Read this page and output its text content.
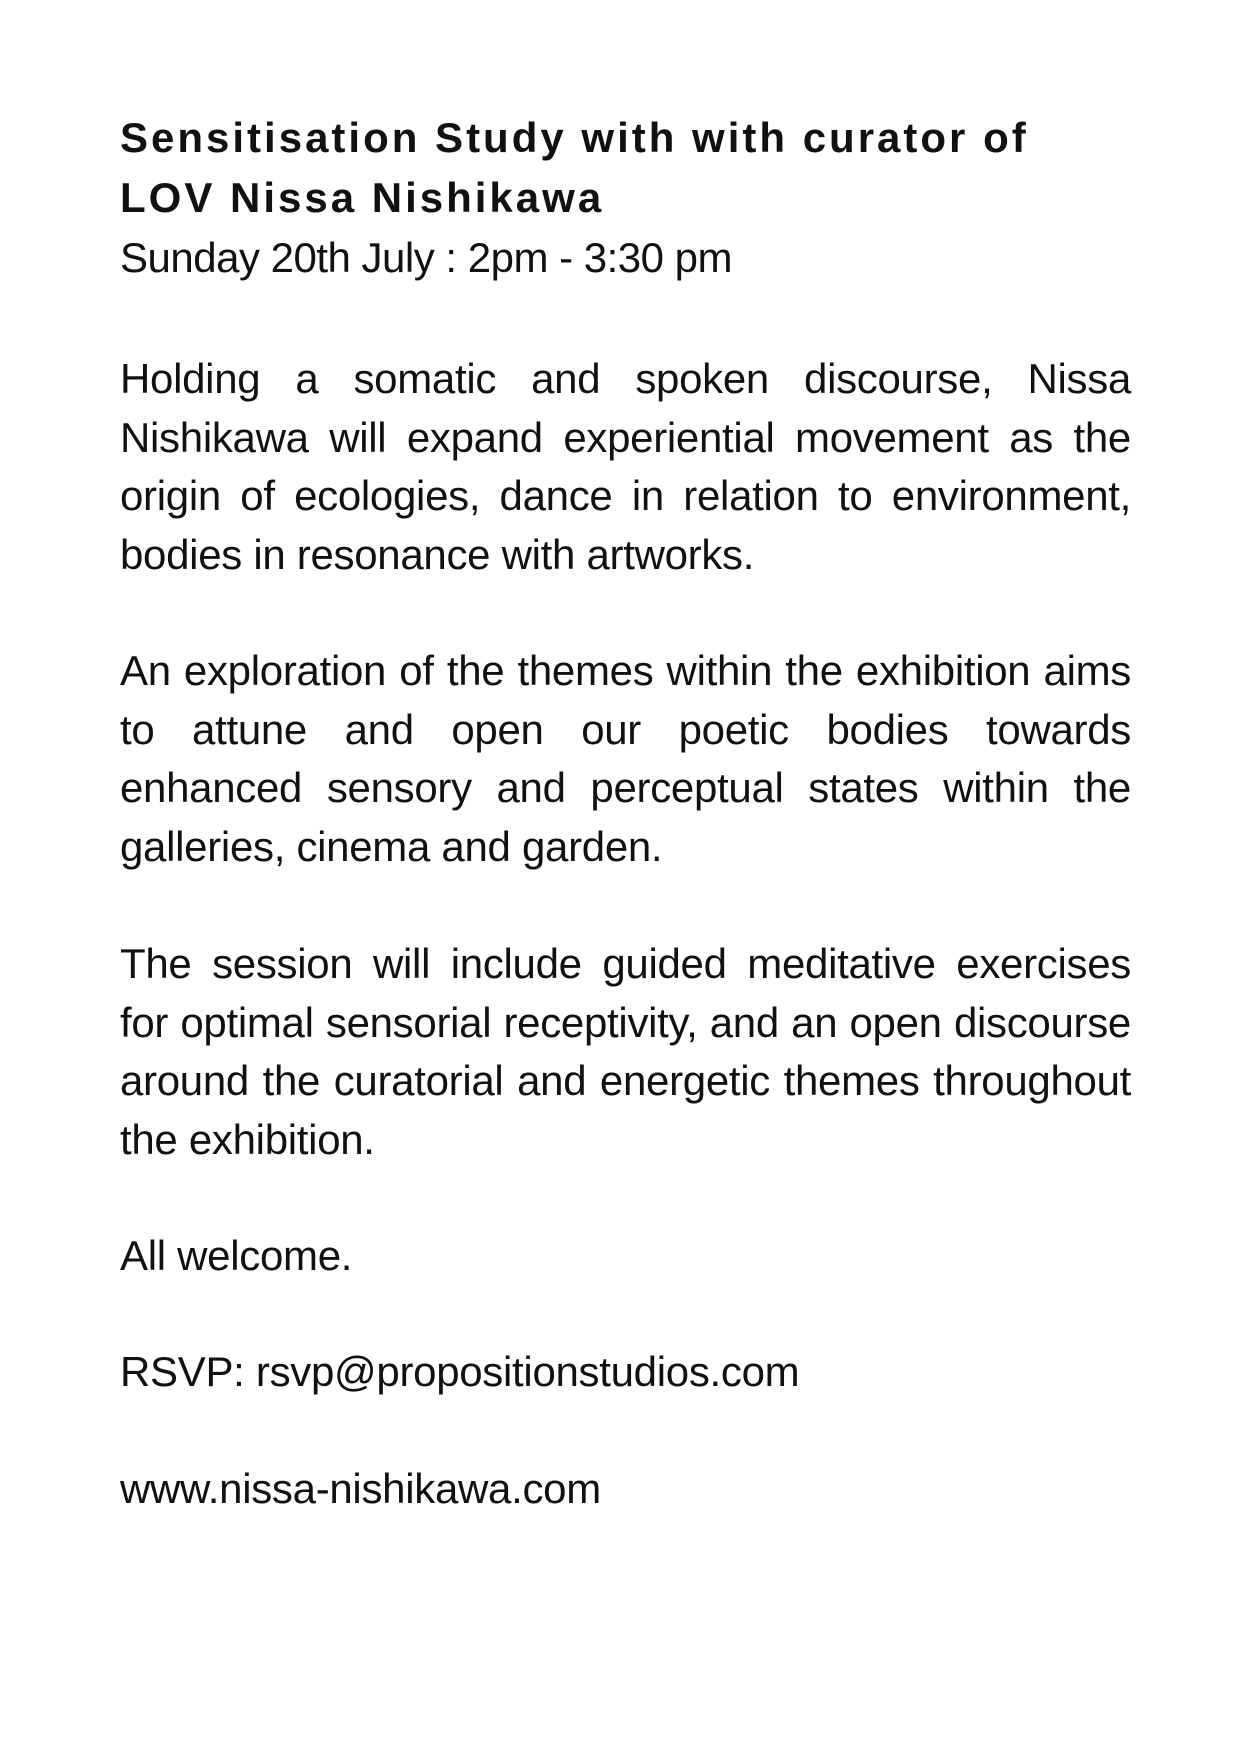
Sensitisation Study with with curator of LOV Nissa Nishikawa

Sunday 20th July : 2pm - 3:30 pm

Holding a somatic and spoken discourse, Nissa Nishikawa will expand experiential movement as the origin of ecologies, dance in relation to environment, bodies in resonance with artworks.

An exploration of the themes within the exhibition aims to attune and open our poetic bodies towards enhanced sensory and perceptual states within the galleries, cinema and garden.

The session will include guided meditative exercises for optimal sensorial receptivity, and an open discourse around the curatorial and energetic themes throughout the exhibition.

All welcome.

RSVP: rsvp@propositionstudios.com

www.nissa-nishikawa.com
